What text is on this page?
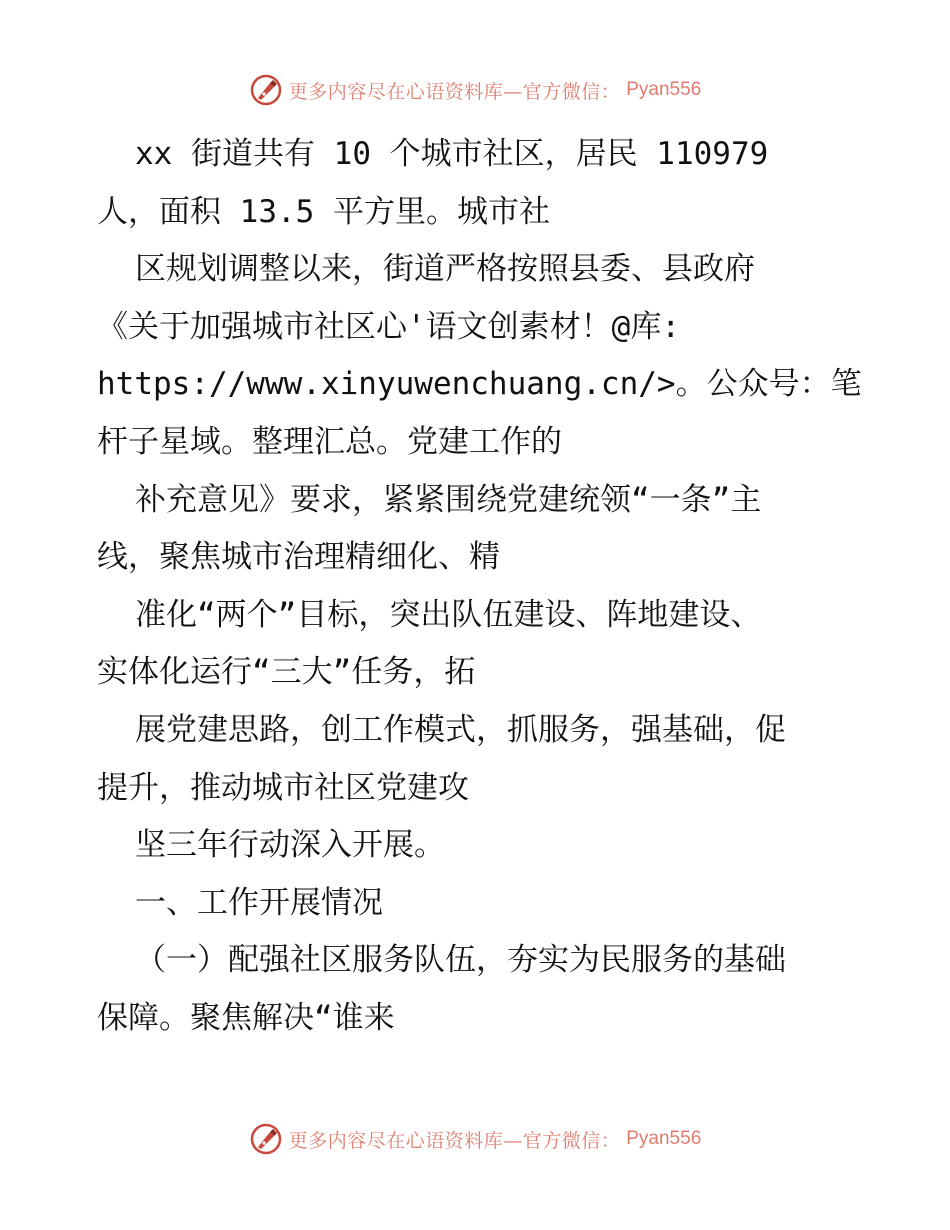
更多内容尽在心语资料库—官方微信： Pyan556
xx 街道共有 10 个城市社区，居民 110979
人，面积 13.5 平方里。城市社
区规划调整以来，街道严格按照县委、县政府
《关于加强城市社区心'语文创素材！@库:
https://www.xinyuwenchuang.cn/>。公众号：笔
杆子星域。整理汇总。党建工作的
补充意见》要求，紧紧围绕党建统领“一条”主
线，聚焦城市治理精细化、精
准化“两个”目标，突出队伍建设、阵地建设、
实体化运行“三大”任务，拓
展党建思路，创工作模式，抓服务，强基础，促
提升，推动城市社区党建攻
坚三年行动深入开展。
一、工作开展情况
（一）配强社区服务队伍，夯实为民服务的基础
保障。聚焦解决“谁来
更多内容尽在心语资料库—官方微信： Pyan556
